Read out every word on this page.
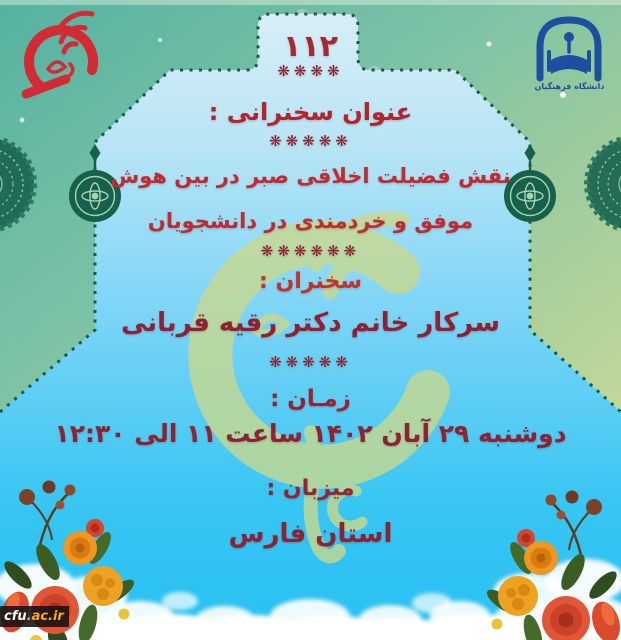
۱۱۲
❋❋❋❋
عنوان سخنرانی :
❋❋❋❋❋
نقش فضیلت اخلاقی صبر در بین هوش
موفق و خردمندی در دانشجویان
❋❋❋❋❋❋
سخنران :
سرکار خانم دکتر رقیه قربانی
❋❋❋❋❋
زمـان :
دوشنبه ۲۹ آبان ۱۴۰۲ ساعت ۱۱ الی ۱۲:۳۰
میزبان :
استان فارس
دانشگاه فرهنگیان
cfu .ac.ir
